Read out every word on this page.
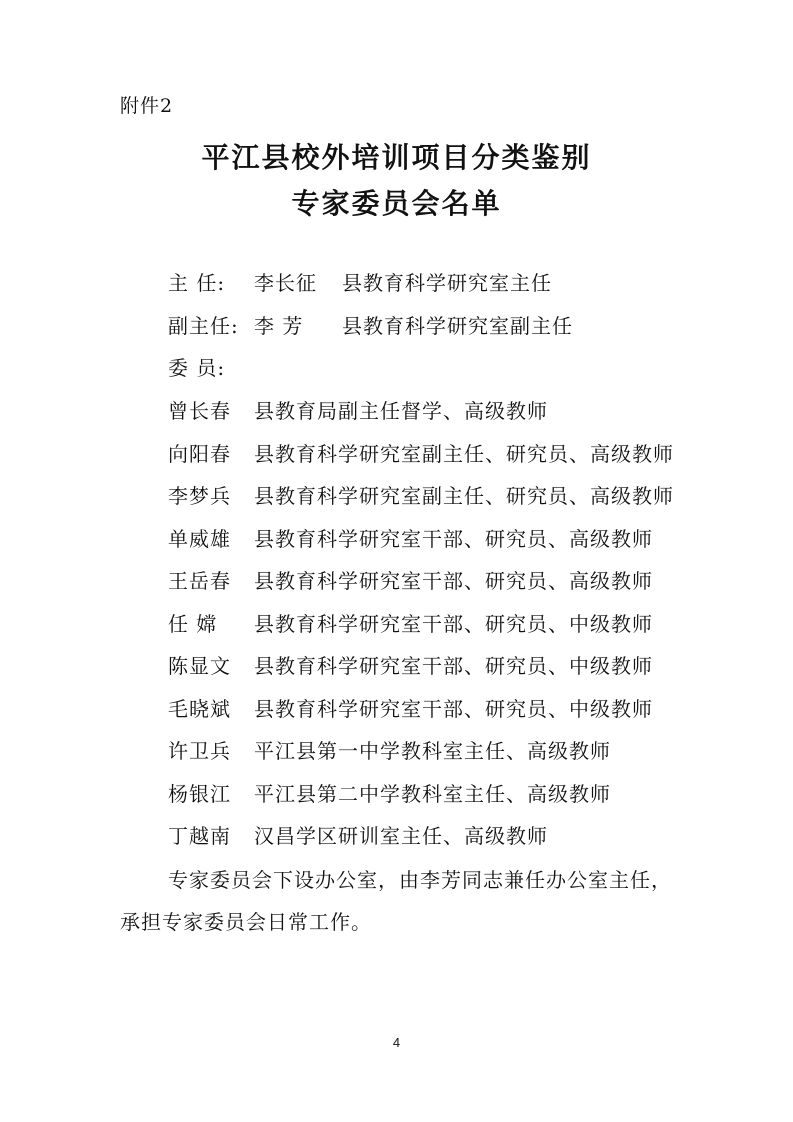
附件2
平江县校外培训项目分类鉴别
专家委员会名单
主 任: 李长征 县教育科学研究室主任
副主任: 李 芳 县教育科学研究室副主任
委 员:
曾长春 县教育局副主任督学、高级教师
向阳春 县教育科学研究室副主任、研究员、高级教师
李梦兵 县教育科学研究室副主任、研究员、高级教师
单威雄 县教育科学研究室干部、研究员、高级教师
王岳春 县教育科学研究室干部、研究员、高级教师
任 嫦 县教育科学研究室干部、研究员、中级教师
陈显文 县教育科学研究室干部、研究员、中级教师
毛晓斌 县教育科学研究室干部、研究员、中级教师
许卫兵 平江县第一中学教科室主任、高级教师
杨银江 平江县第二中学教科室主任、高级教师
丁越南 汉昌学区研训室主任、高级教师
专家委员会下设办公室，由李芳同志兼任办公室主任，承担专家委员会日常工作。
4
